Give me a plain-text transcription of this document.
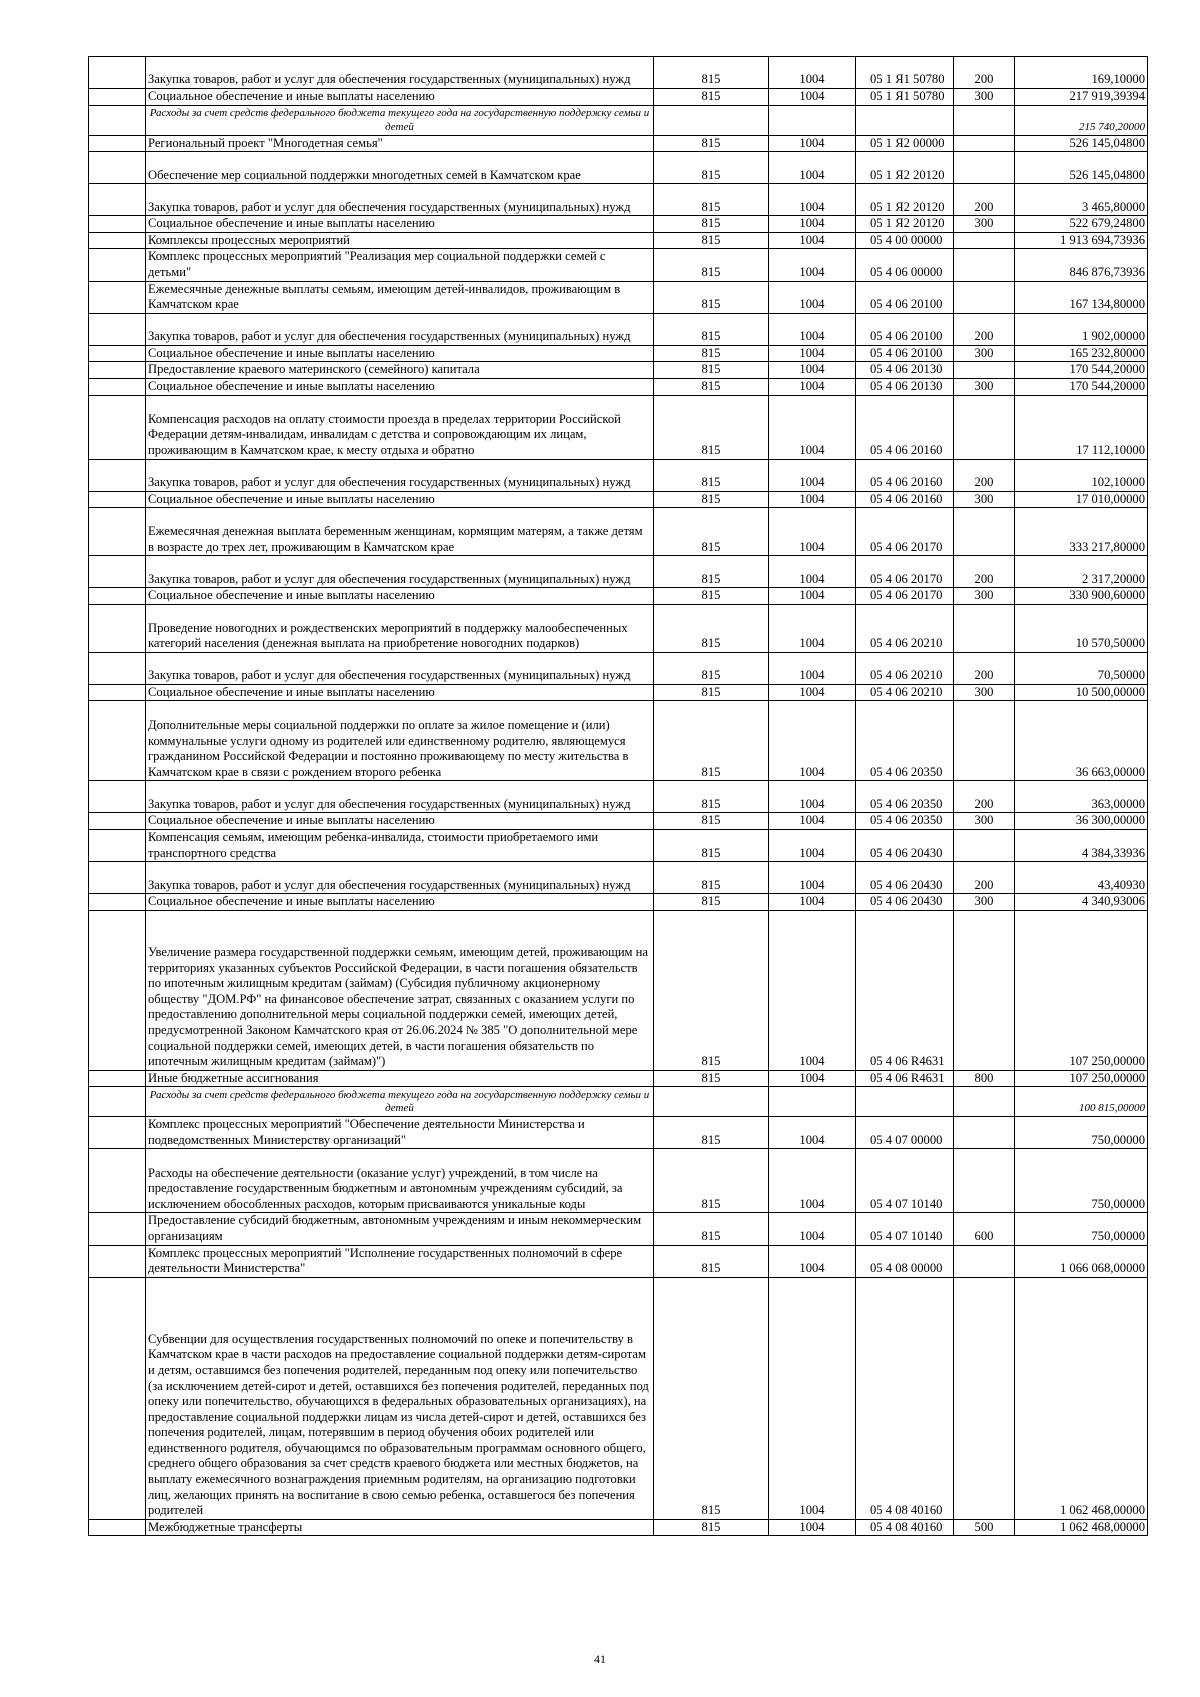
	Закупка товаров, работ и услуг для обеспечения государственных (муниципальных) нужд	815	1004	05 1 Я1 50780	200	169,10000
	Социальное обеспечение и иные выплаты населению	815	1004	05 1 Я1 50780	300	217 919,39394
	Расходы за счет средств федерального бюджета текущего года на государственную поддержку семьи и детей					215 740,20000
	Региональный проект "Многодетная семья"	815	1004	05 1 Я2 00000		526 145,04800
	Обеспечение мер социальной поддержки многодетных семей в Камчатском крае	815	1004	05 1 Я2 20120		526 145,04800
	Закупка товаров, работ и услуг для обеспечения государственных (муниципальных) нужд	815	1004	05 1 Я2 20120	200	3 465,80000
	Социальное обеспечение и иные выплаты населению	815	1004	05 1 Я2 20120	300	522 679,24800
	Комплексы процессных мероприятий	815	1004	05 4 00 00000		1 913 694,73936
	Комплекс процессных мероприятий "Реализация мер социальной поддержки семей с детьми"	815	1004	05 4 06 00000		846 876,73936
	Ежемесячные денежные выплаты семьям, имеющим детей-инвалидов, проживающим в Камчатском крае	815	1004	05 4 06 20100		167 134,80000
	Закупка товаров, работ и услуг для обеспечения государственных (муниципальных) нужд	815	1004	05 4 06 20100	200	1 902,00000
	Социальное обеспечение и иные выплаты населению	815	1004	05 4 06 20100	300	165 232,80000
	Предоставление краевого материнского (семейного) капитала	815	1004	05 4 06 20130		170 544,20000
	Социальное обеспечение и иные выплаты населению	815	1004	05 4 06 20130	300	170 544,20000
	Компенсация расходов на оплату стоимости проезда в пределах территории Российской Федерации детям-инвалидам, инвалидам с детства и сопровождающим их лицам, проживающим в Камчатском крае, к месту отдыха и обратно	815	1004	05 4 06 20160		17 112,10000
	Закупка товаров, работ и услуг для обеспечения государственных (муниципальных) нужд	815	1004	05 4 06 20160	200	102,10000
	Социальное обеспечение и иные выплаты населению	815	1004	05 4 06 20160	300	17 010,00000
	Ежемесячная денежная выплата беременным женщинам, кормящим матерям, а также детям в возрасте до трех лет, проживающим в Камчатском крае	815	1004	05 4 06 20170		333 217,80000
	Закупка товаров, работ и услуг для обеспечения государственных (муниципальных) нужд	815	1004	05 4 06 20170	200	2 317,20000
	Социальное обеспечение и иные выплаты населению	815	1004	05 4 06 20170	300	330 900,60000
	Проведение новогодних и рождественских мероприятий в поддержку малообеспеченных категорий населения (денежная выплата на приобретение новогодних подарков)	815	1004	05 4 06 20210		10 570,50000
	Закупка товаров, работ и услуг для обеспечения государственных (муниципальных) нужд	815	1004	05 4 06 20210	200	70,50000
	Социальное обеспечение и иные выплаты населению	815	1004	05 4 06 20210	300	10 500,00000
	Дополнительные меры социальной поддержки по оплате за жилое помещение и (или) коммунальные услуги одному из родителей или единственному родителю, являющемуся гражданином Российской Федерации и постоянно проживающему по месту жительства в Камчатском крае в связи с рождением второго ребенка	815	1004	05 4 06 20350		36 663,00000
	Закупка товаров, работ и услуг для обеспечения государственных (муниципальных) нужд	815	1004	05 4 06 20350	200	363,00000
	Социальное обеспечение и иные выплаты населению	815	1004	05 4 06 20350	300	36 300,00000
	Компенсация семьям, имеющим ребенка-инвалида, стоимости приобретаемого ими транспортного средства	815	1004	05 4 06 20430		4 384,33936
	Закупка товаров, работ и услуг для обеспечения государственных (муниципальных) нужд	815	1004	05 4 06 20430	200	43,40930
	Социальное обеспечение и иные выплаты населению	815	1004	05 4 06 20430	300	4 340,93006
	Увеличение размера государственной поддержки семьям, имеющим детей, проживающим на территориях указанных субъектов Российской Федерации, в части погашения обязательств по ипотечным жилищным кредитам (займам) (Субсидия публичному акционерному обществу "ДОМ.РФ" на финансовое обеспечение затрат, связанных с оказанием услуги по предоставлению дополнительной меры социальной поддержки семей, имеющих детей, предусмотренной Законом Камчатского края от 26.06.2024 № 385 "О дополнительной мере социальной поддержки семей, имеющих детей, в части погашения обязательств по ипотечным жилищным кредитам (займам)")	815	1004	05 4 06 R4631		107 250,00000
	Иные бюджетные ассигнования	815	1004	05 4 06 R4631	800	107 250,00000
	Расходы за счет средств федерального бюджета текущего года на государственную поддержку семьи и детей					100 815,00000
	Комплекс процессных мероприятий "Обеспечение деятельности Министерства и подведомственных Министерству организаций"	815	1004	05 4 07 00000		750,00000
	Расходы на обеспечение деятельности (оказание услуг) учреждений, в том числе на предоставление государственным бюджетным и автономным учреждениям субсидий, за исключением обособленных расходов, которым присваиваются уникальные коды	815	1004	05 4 07 10140		750,00000
	Предоставление субсидий бюджетным, автономным учреждениям и иным некоммерческим организациям	815	1004	05 4 07 10140	600	750,00000
	Комплекс процессных мероприятий "Исполнение государственных полномочий в сфере деятельности Министерства"	815	1004	05 4 08 00000		1 066 068,00000
	Субвенции для осуществления государственных полномочий по опеке и попечительству в Камчатском крае в части расходов на предоставление социальной поддержки детям-сиротам и детям, оставшимся без попечения родителей, переданным под опеку или попечительство (за исключением детей-сирот и детей, оставшихся без попечения родителей, переданных под опеку или попечительство, обучающихся в федеральных образовательных организациях), на предоставление социальной поддержки лицам из числа детей-сирот и детей, оставшихся без попечения родителей, лицам, потерявшим в период обучения обоих родителей или единственного родителя, обучающимся по образовательным программам основного общего, среднего общего образования за счет средств краевого бюджета или местных бюджетов, на выплату ежемесячного вознаграждения приемным родителям, на организацию подготовки лиц, желающих принять на воспитание в свою семью ребенка, оставшегося без попечения родителей	815	1004	05 4 08 40160		1 062 468,00000
	Межбюджетные трансферты	815	1004	05 4 08 40160	500	1 062 468,00000
41
